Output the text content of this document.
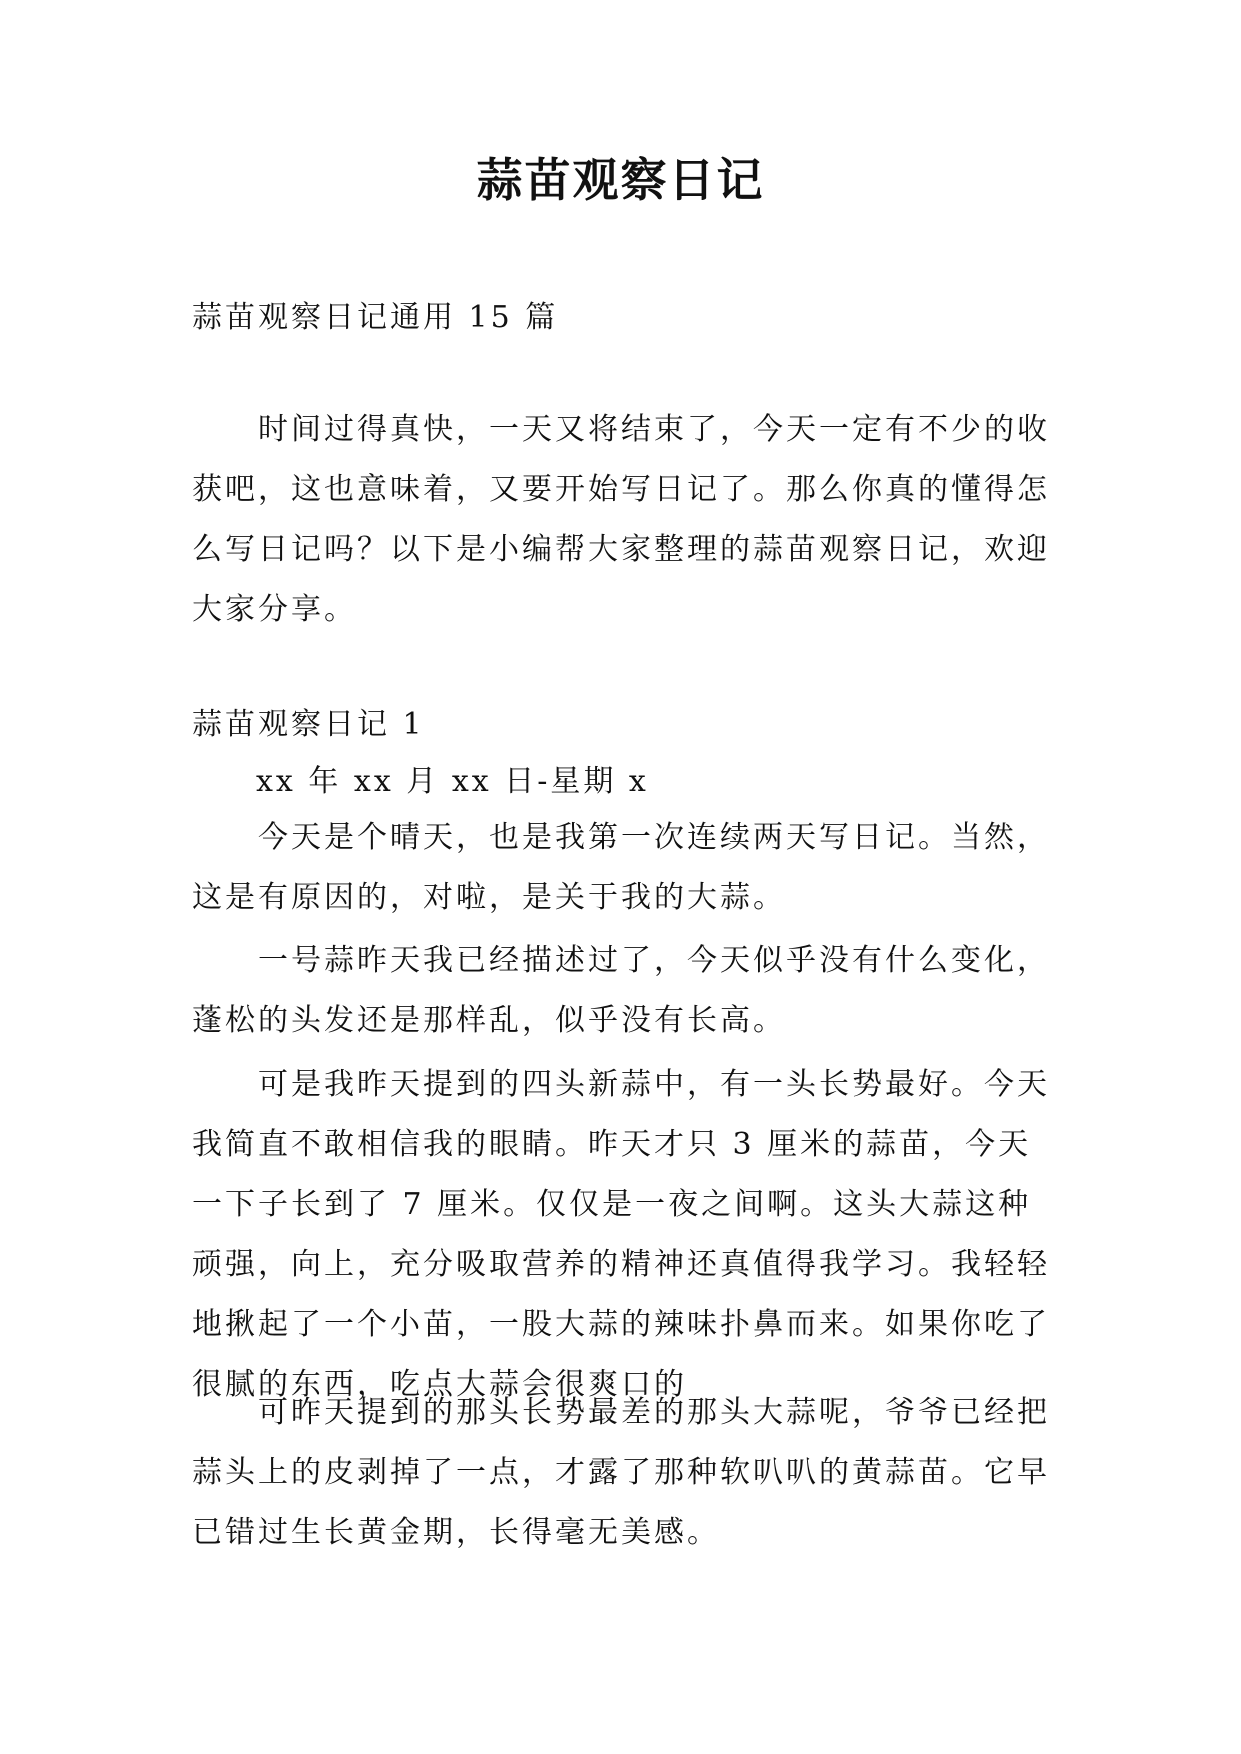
蒜苗观察日记

蒜苗观察日记通用 15 篇

时间过得真快，一天又将结束了，今天一定有不少的收获吧，这也意味着，又要开始写日记了。那么你真的懂得怎么写日记吗？以下是小编帮大家整理的蒜苗观察日记，欢迎大家分享。

蒜苗观察日记 1

xx 年 xx 月 xx 日-星期 x

今天是个晴天，也是我第一次连续两天写日记。当然，这是有原因的，对啦，是关于我的大蒜。

一号蒜昨天我已经描述过了，今天似乎没有什么变化，蓬松的头发还是那样乱，似乎没有长高。

可是我昨天提到的四头新蒜中，有一头长势最好。今天我简直不敢相信我的眼睛。昨天才只 3 厘米的蒜苗，今天一下子长到了 7 厘米。仅仅是一夜之间啊。这头大蒜这种顽强，向上，充分吸取营养的精神还真值得我学习。我轻轻地揪起了一个小苗，一股大蒜的辣味扑鼻而来。如果你吃了很腻的东西，吃点大蒜会很爽口的

可昨天提到的那头长势最差的那头大蒜呢，爷爷已经把蒜头上的皮剥掉了一点，才露了那种软叭叭的黄蒜苗。它早已错过生长黄金期，长得毫无美感。
